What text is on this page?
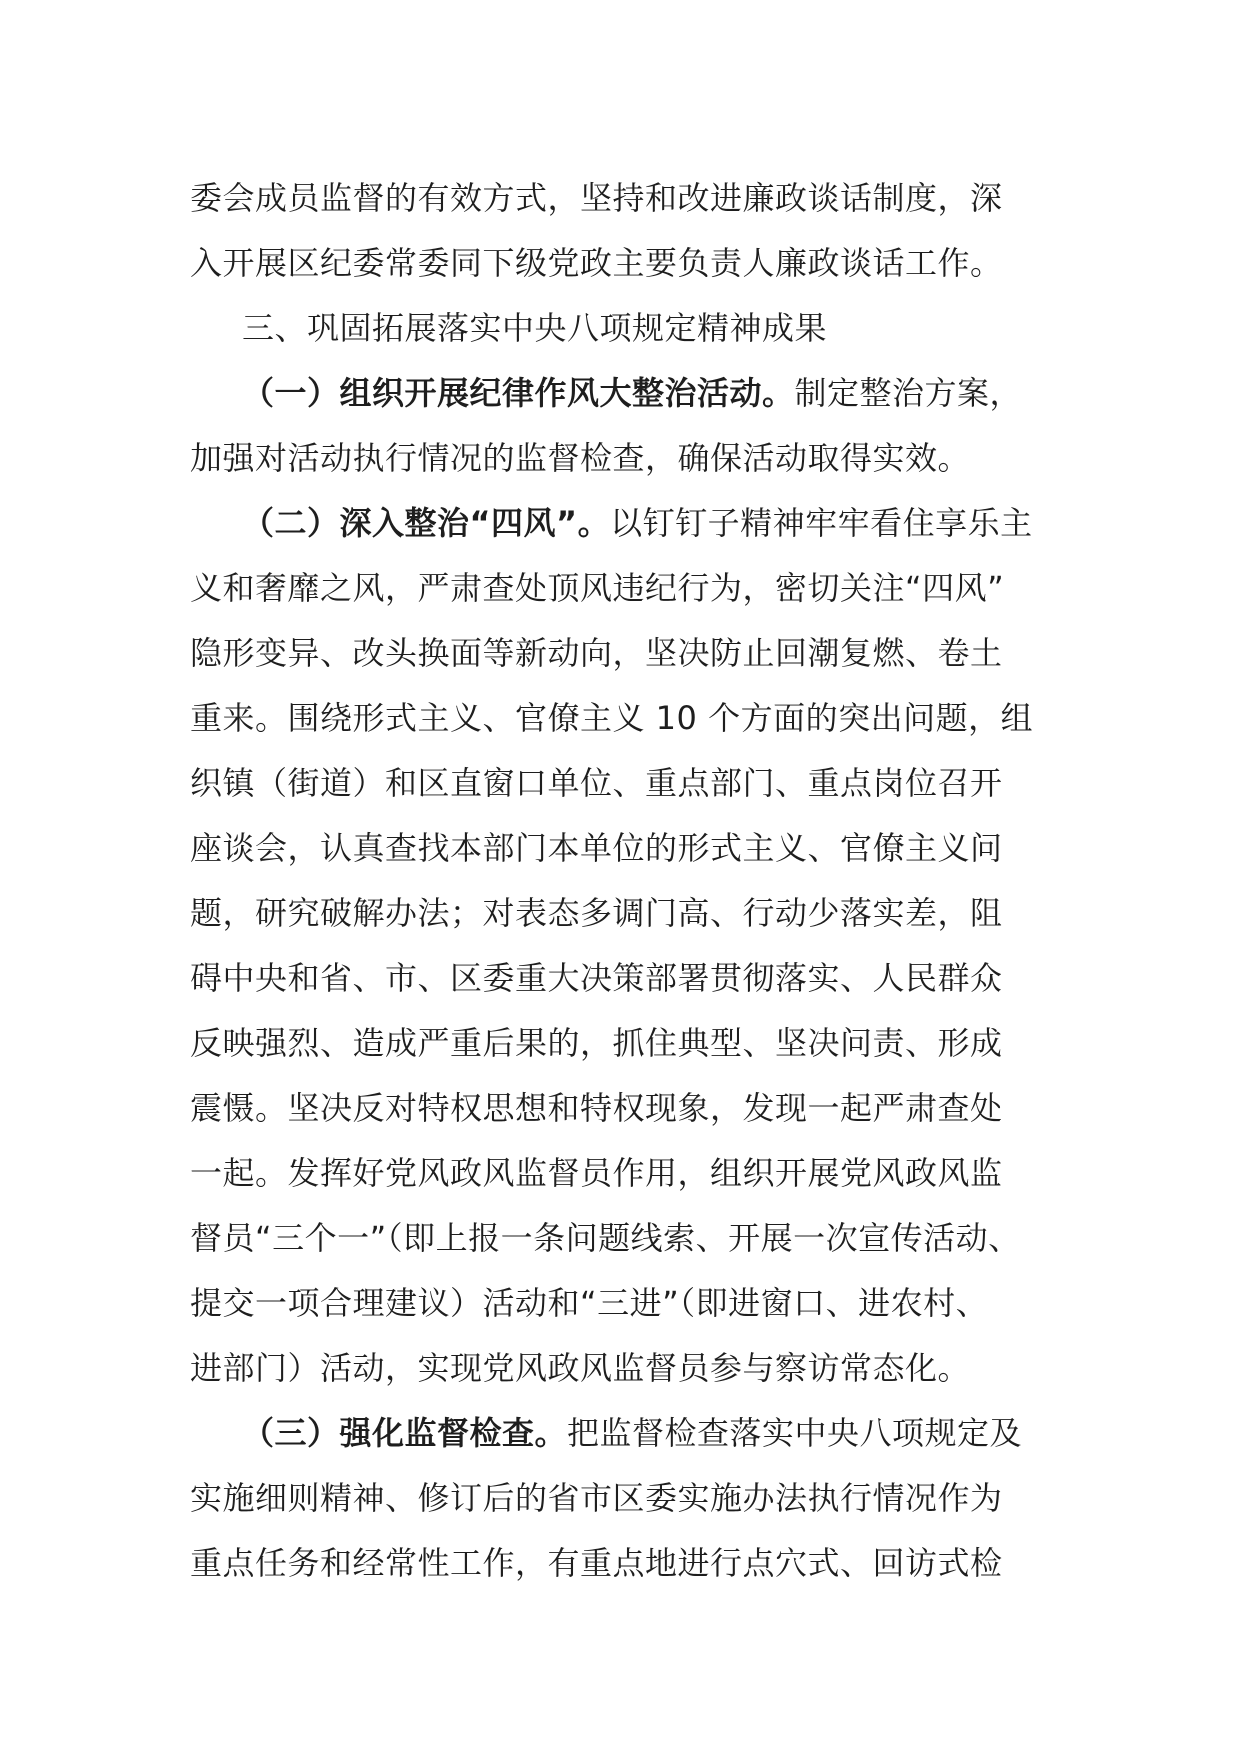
委会成员监督的有效方式，坚持和改进廉政谈话制度，深
入开展区纪委常委同下级党政主要负责人廉政谈话工作。
三、巩固拓展落实中央八项规定精神成果
（一）组织开展纪律作风大整治活动。制定整治方案，
加强对活动执行情况的监督检查，确保活动取得实效。
（二）深入整治“四风”。以钉钉子精神牢牢看住享乐主
义和奢靡之风，严肃查处顶风违纪行为，密切关注“四风”
隐形变异、改头换面等新动向，坚决防止回潮复燃、卷土
重来。围绕形式主义、官僚主义 10 个方面的突出问题，组
织镇（街道）和区直窗口单位、重点部门、重点岗位召开
座谈会，认真查找本部门本单位的形式主义、官僚主义问
题，研究破解办法；对表态多调门高、行动少落实差，阻
碍中央和省、市、区委重大决策部署贯彻落实、人民群众
反映强烈、造成严重后果的，抓住典型、坚决问责、形成
震慑。坚决反对特权思想和特权现象，发现一起严肃查处
一起。发挥好党风政风监督员作用，组织开展党风政风监
督员“三个一”（即上报一条问题线索、开展一次宣传活动、
提交一项合理建议）活动和“三进”（即进窗口、进农村、
进部门）活动，实现党风政风监督员参与察访常态化。
（三）强化监督检查。把监督检查落实中央八项规定及
实施细则精神、修订后的省市区委实施办法执行情况作为
重点任务和经常性工作，有重点地进行点穴式、回访式检
